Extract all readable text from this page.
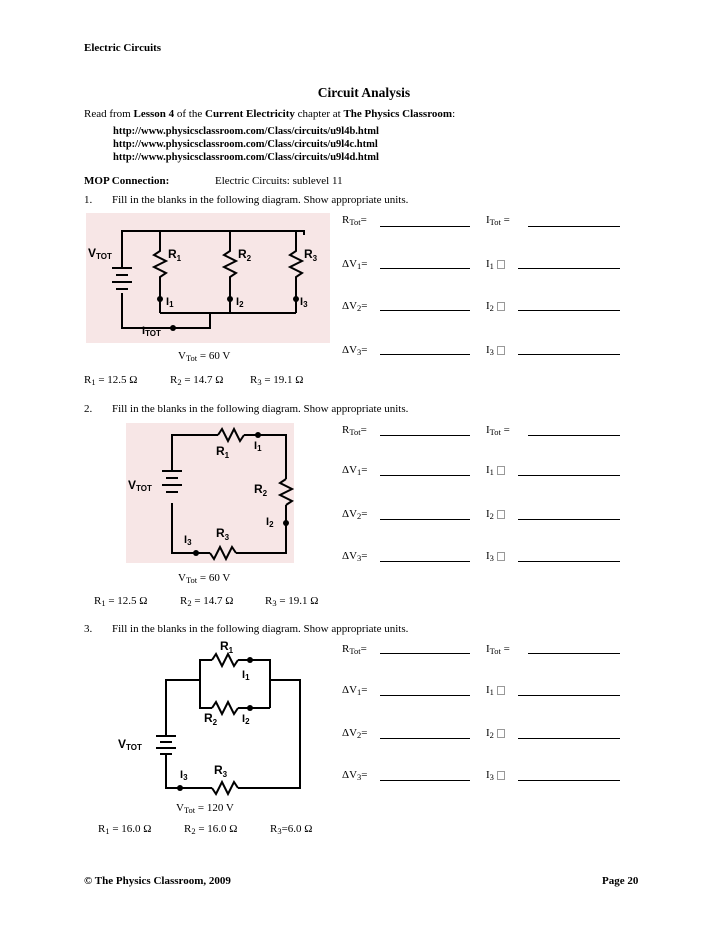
Electric Circuits
Circuit Analysis
Read from Lesson 4 of the Current Electricity chapter at The Physics Classroom:
http://www.physicsclassroom.com/Class/circuits/u9l4b.html
http://www.physicsclassroom.com/Class/circuits/u9l4c.html
http://www.physicsclassroom.com/Class/circuits/u9l4d.html
MOP Connection:	Electric Circuits: sublevel 11
1. Fill in the blanks in the following diagram. Show appropriate units.
VTOT	$R_1$	$R_2$	$R_3$
I1	I2	I3
ITOT
VTot = 60 V
R1 = 12.5 Ω	R2 = 14.7 Ω R3 = 19.1 Ω
RTot=	ITot =
ΔV1=	I1
ΔV2=	I2
ΔV3=	I3
2. Fill in the blanks in the following diagram. Show appropriate units.
VTOT
$R_1$
I1
$R_2$
I2
$R_3$
I3
VTot = 60 V
R1 = 12.5 Ω	R2 = 14.7 Ω	R3 = 19.1 Ω
RTot=	ITot =
ΔV1=	I1
ΔV2=	I2
ΔV3=	I3
3. Fill in the blanks in the following diagram. Show appropriate units.
$R_1$
I1
$R_2$ I2
VTOT
$R_3$
I3
VTot = 120 V
R1 = 16.0 Ω	R2 = 16.0 Ω	R3=6.0 Ω
RTot=	ITot =
ΔV1=	I1
ΔV2=	I2
ΔV3=	I3
© The Physics Classroom, 2009	Page 20
